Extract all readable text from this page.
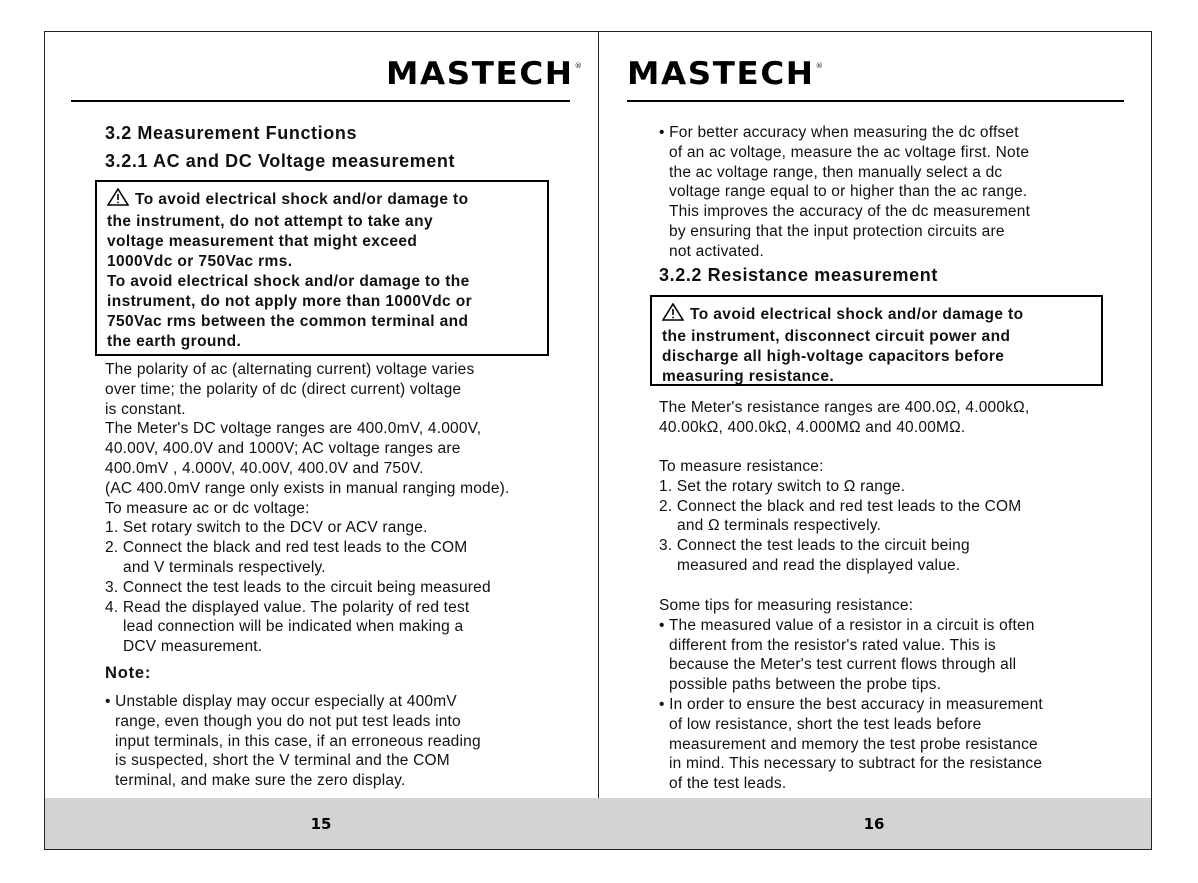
MASTECH®
3.2 Measurement Functions
3.2.1 AC and DC Voltage measurement
To avoid electrical shock and/or damage to
the instrument, do not attempt to take any
voltage measurement that might exceed
1000Vdc or 750Vac rms.
To avoid electrical shock and/or damage to the
instrument, do not apply more than 1000Vdc or
750Vac rms between the common terminal and
the earth ground.
The polarity of ac (alternating current) voltage varies
over time; the polarity of dc (direct current) voltage
is constant.
The Meter's DC voltage ranges are 400.0mV, 4.000V,
40.00V, 400.0V and 1000V; AC voltage ranges are
400.0mV , 4.000V, 40.00V, 400.0V and 750V.
(AC 400.0mV range only exists in manual ranging mode).
To measure ac or dc voltage:
1. Set rotary switch to the DCV or ACV range.
2. Connect the black and red test leads to the COM
and V terminals respectively.
3. Connect the test leads to the circuit being measured
4. Read the displayed value. The polarity of red test
lead connection will be indicated when making a
DCV measurement.
Note:
• Unstable display may occur especially at 400mV
range, even though you do not put test leads into
input terminals, in this case, if an erroneous reading
is suspected, short the V terminal and the COM
terminal, and make sure the zero display.
15
MASTECH®
• For better accuracy when measuring the dc offset
of an ac voltage, measure the ac voltage first. Note
the ac voltage range, then manually select a dc
voltage range equal to or higher than the ac range.
This improves the accuracy of the dc measurement
by ensuring that the input protection circuits are
not activated.
3.2.2 Resistance measurement
To avoid electrical shock and/or damage to
the instrument, disconnect circuit power and
discharge all high-voltage capacitors before
measuring resistance.
The Meter's resistance ranges are 400.0Ω, 4.000kΩ,
40.00kΩ, 400.0kΩ, 4.000MΩ and 40.00MΩ.
To measure resistance:
1. Set the rotary switch to Ω range.
2. Connect the black and red test leads to the COM
and Ω terminals respectively.
3. Connect the test leads to the circuit being
measured and read the displayed value.
Some tips for measuring resistance:
• The measured value of a resistor in a circuit is often
different from the resistor's rated value. This is
because the Meter's test current flows through all
possible paths between the probe tips.
• In order to ensure the best accuracy in measurement
of low resistance, short the test leads before
measurement and memory the test probe resistance
in mind. This necessary to subtract for the resistance
of the test leads.
16
